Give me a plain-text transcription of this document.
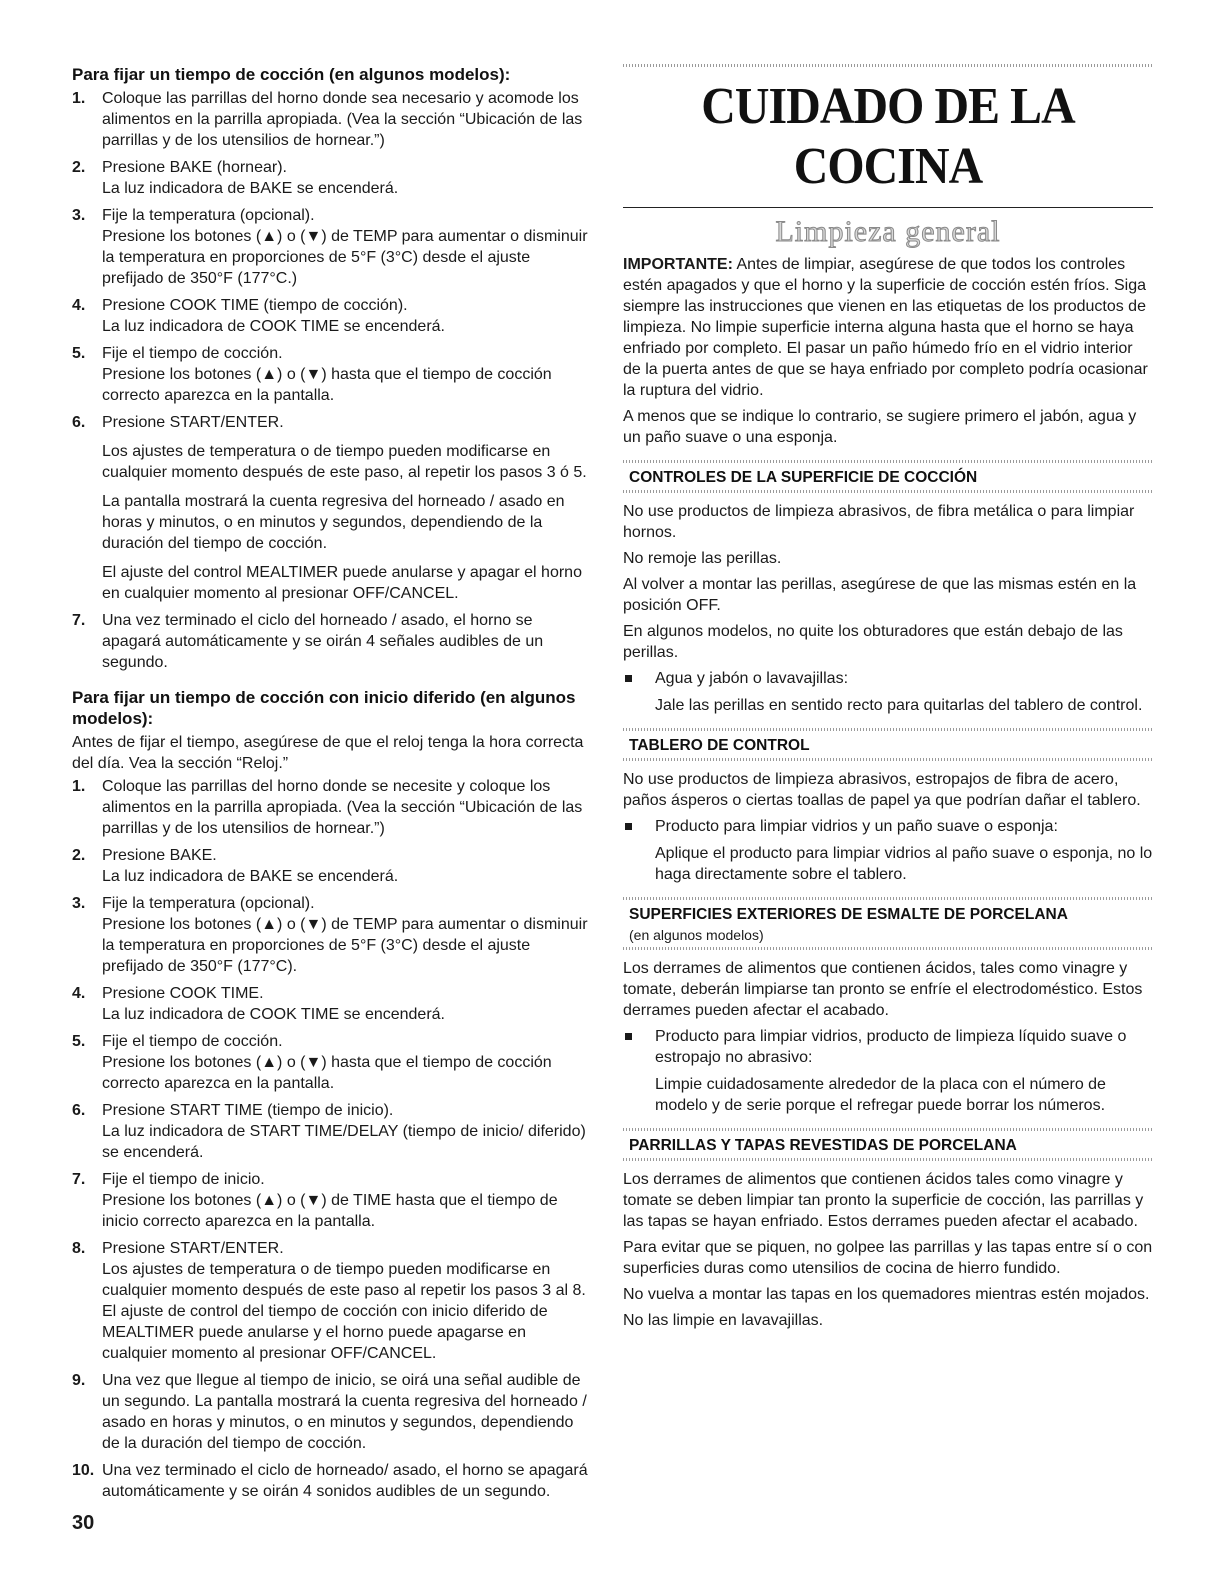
Para fijar un tiempo de cocción (en algunos modelos):
1.	Coloque las parrillas del horno donde sea necesario y acomode los alimentos en la parrilla apropiada. (Vea la sección “Ubicación de las parrillas y de los utensilios de hornear.”)
2.	Presione BAKE (hornear).
La luz indicadora de BAKE se encenderá.
3.	Fije la temperatura (opcional).
Presione los botones (▲) o (▼) de TEMP para aumentar o disminuir la temperatura en proporciones de 5°F (3°C) desde el ajuste prefijado de 350°F (177°C.)
4.	Presione COOK TIME (tiempo de cocción).
La luz indicadora de COOK TIME se encenderá.
5.	Fije el tiempo de cocción.
Presione los botones (▲) o (▼) hasta que el tiempo de cocción correcto aparezca en la pantalla.
6.	Presione START/ENTER.
Los ajustes de temperatura o de tiempo pueden modificarse en cualquier momento después de este paso, al repetir los pasos 3 ó 5.
La pantalla mostrará la cuenta regresiva del horneado / asado en horas y minutos, o en minutos y segundos, dependiendo de la duración del tiempo de cocción.
El ajuste del control MEALTIMER puede anularse y apagar el horno en cualquier momento al presionar OFF/CANCEL.
7.	Una vez terminado el ciclo del horneado / asado, el horno se apagará automáticamente y se oirán 4 señales audibles de un segundo.
Para fijar un tiempo de cocción con inicio diferido (en algunos modelos):

Antes de fijar el tiempo, asegúrese de que el reloj tenga la hora correcta del día. Vea la sección “Reloj.”

1.	Coloque las parrillas del horno donde se necesite y coloque los alimentos en la parrilla apropiada. (Vea la sección “Ubicación de las parrillas y de los utensilios de hornear.”)
2.	Presione BAKE.
La luz indicadora de BAKE se encenderá.
3.	Fije la temperatura (opcional).
Presione los botones (▲) o (▼) de TEMP para aumentar o disminuir la temperatura en proporciones de 5°F (3°C) desde el ajuste prefijado de 350°F (177°C).
4.	Presione COOK TIME.
La luz indicadora de COOK TIME se encenderá.
5.	Fije el tiempo de cocción.
Presione los botones (▲) o (▼) hasta que el tiempo de cocción correcto aparezca en la pantalla.
6.	Presione START TIME (tiempo de inicio).
La luz indicadora de START TIME/DELAY (tiempo de inicio/ diferido) se encenderá.
7.	Fije el tiempo de inicio.
Presione los botones (▲) o (▼) de TIME hasta que el tiempo de inicio correcto aparezca en la pantalla.
8.	Presione START/ENTER.
Los ajustes de temperatura o de tiempo pueden modificarse en cualquier momento después de este paso al repetir los pasos 3 al 8.
El ajuste de control del tiempo de cocción con inicio diferido de MEALTIMER puede anularse y el horno puede apagarse en cualquier momento al presionar OFF/CANCEL.
9.	Una vez que llegue al tiempo de inicio, se oirá una señal audible de un segundo. La pantalla mostrará la cuenta regresiva del horneado / asado en horas y minutos, o en minutos y segundos, dependiendo de la duración del tiempo de cocción.
10. Una vez terminado el ciclo de horneado/ asado, el horno se apagará automáticamente y se oirán 4 sonidos audibles de un segundo.
30
CUIDADO DE LA COCINA
Limpieza general

IMPORTANTE: Antes de limpiar, asegúrese de que todos los controles estén apagados y que el horno y la superficie de cocción estén fríos. Siga siempre las instrucciones que vienen en las etiquetas de los productos de limpieza. No limpie superficie interna alguna hasta que el horno se haya enfriado por completo. El pasar un paño húmedo frío en el vidrio interior de la puerta antes de que se haya enfriado por completo podría ocasionar la ruptura del vidrio.

A menos que se indique lo contrario, se sugiere primero el jabón, agua y un paño suave o una esponja.

CONTROLES DE LA SUPERFICIE DE COCCIÓN

No use productos de limpieza abrasivos, de fibra metálica o para limpiar hornos.

No remoje las perillas.

Al volver a montar las perillas, asegúrese de que las mismas estén en la posición OFF.

En algunos modelos, no quite los obturadores que están debajo de las perillas.

Agua y jabón o lavavajillas:

Jale las perillas en sentido recto para quitarlas del tablero de control.

TABLERO DE CONTROL

No use productos de limpieza abrasivos, estropajos de fibra de acero, paños ásperos o ciertas toallas de papel ya que podrían dañar el tablero.

Producto para limpiar vidrios y un paño suave o esponja:

Aplique el producto para limpiar vidrios al paño suave o esponja, no lo haga directamente sobre el tablero.

SUPERFICIES EXTERIORES DE ESMALTE DE PORCELANA
(en algunos modelos)

Los derrames de alimentos que contienen ácidos, tales como vinagre y tomate, deberán limpiarse tan pronto se enfríe el electrodoméstico. Estos derrames pueden afectar el acabado.

Producto para limpiar vidrios, producto de limpieza líquido suave o estropajo no abrasivo:

Limpie cuidadosamente alrededor de la placa con el número de modelo y de serie porque el refregar puede borrar los números.

PARRILLAS Y TAPAS REVESTIDAS DE PORCELANA

Los derrames de alimentos que contienen ácidos tales como vinagre y tomate se deben limpiar tan pronto la superficie de cocción, las parrillas y las tapas se hayan enfriado. Estos derrames pueden afectar el acabado.

Para evitar que se piquen, no golpee las parrillas y las tapas entre sí o con superficies duras como utensilios de cocina de hierro fundido.

No vuelva a montar las tapas en los quemadores mientras estén mojados.

No las limpie en lavavajillas.
